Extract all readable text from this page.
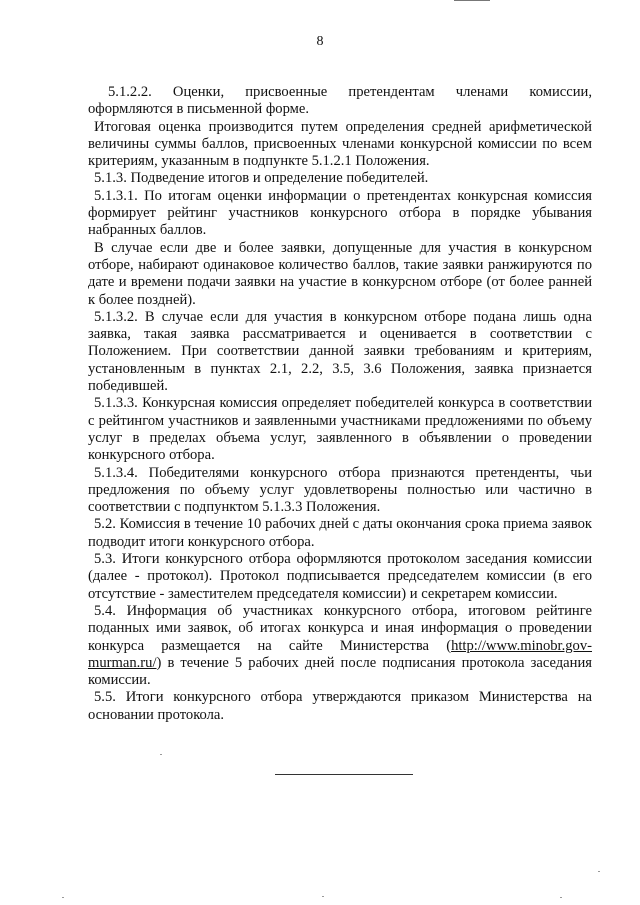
8

5.1.2.2. Оценки, присвоенные претендентам членами комиссии, оформляются в письменной форме.

Итоговая оценка производится путем определения средней арифметической величины суммы баллов, присвоенных членами конкурсной комиссии по всем критериям, указанным в подпункте 5.1.2.1 Положения.

5.1.3. Подведение итогов и определение победителей.

5.1.3.1. По итогам оценки информации о претендентах конкурсная комиссия формирует рейтинг участников конкурсного отбора в порядке убывания набранных баллов.

В случае если две и более заявки, допущенные для участия в конкурсном отборе, набирают одинаковое количество баллов, такие заявки ранжируются по дате и времени подачи заявки на участие в конкурсном отборе (от более ранней к более поздней).

5.1.3.2. В случае если для участия в конкурсном отборе подана лишь одна заявка, такая заявка рассматривается и оценивается в соответствии с Положением. При соответствии данной заявки требованиям и критериям, установленным в пунктах 2.1, 2.2, 3.5, 3.6 Положения, заявка признается победившей.

5.1.3.3. Конкурсная комиссия определяет победителей конкурса в соответствии с рейтингом участников и заявленными участниками предложениями по объему услуг в пределах объема услуг, заявленного в объявлении о проведении конкурсного отбора.

5.1.3.4. Победителями конкурсного отбора признаются претенденты, чьи предложения по объему услуг удовлетворены полностью или частично в соответствии с подпунктом 5.1.3.3 Положения.

5.2. Комиссия в течение 10 рабочих дней с даты окончания срока приема заявок подводит итоги конкурсного отбора.

5.3. Итоги конкурсного отбора оформляются протоколом заседания комиссии (далее - протокол). Протокол подписывается председателем комиссии (в его отсутствие - заместителем председателя комиссии) и секретарем комиссии.

5.4. Информация об участниках конкурсного отбора, итоговом рейтинге поданных ими заявок, об итогах конкурса и иная информация о проведении конкурса размещается на сайте Министерства (http://www.minobr.gov-murman.ru/) в течение 5 рабочих дней после подписания протокола заседания комиссии.

5.5. Итоги конкурсного отбора утверждаются приказом Министерства на основании протокола.
